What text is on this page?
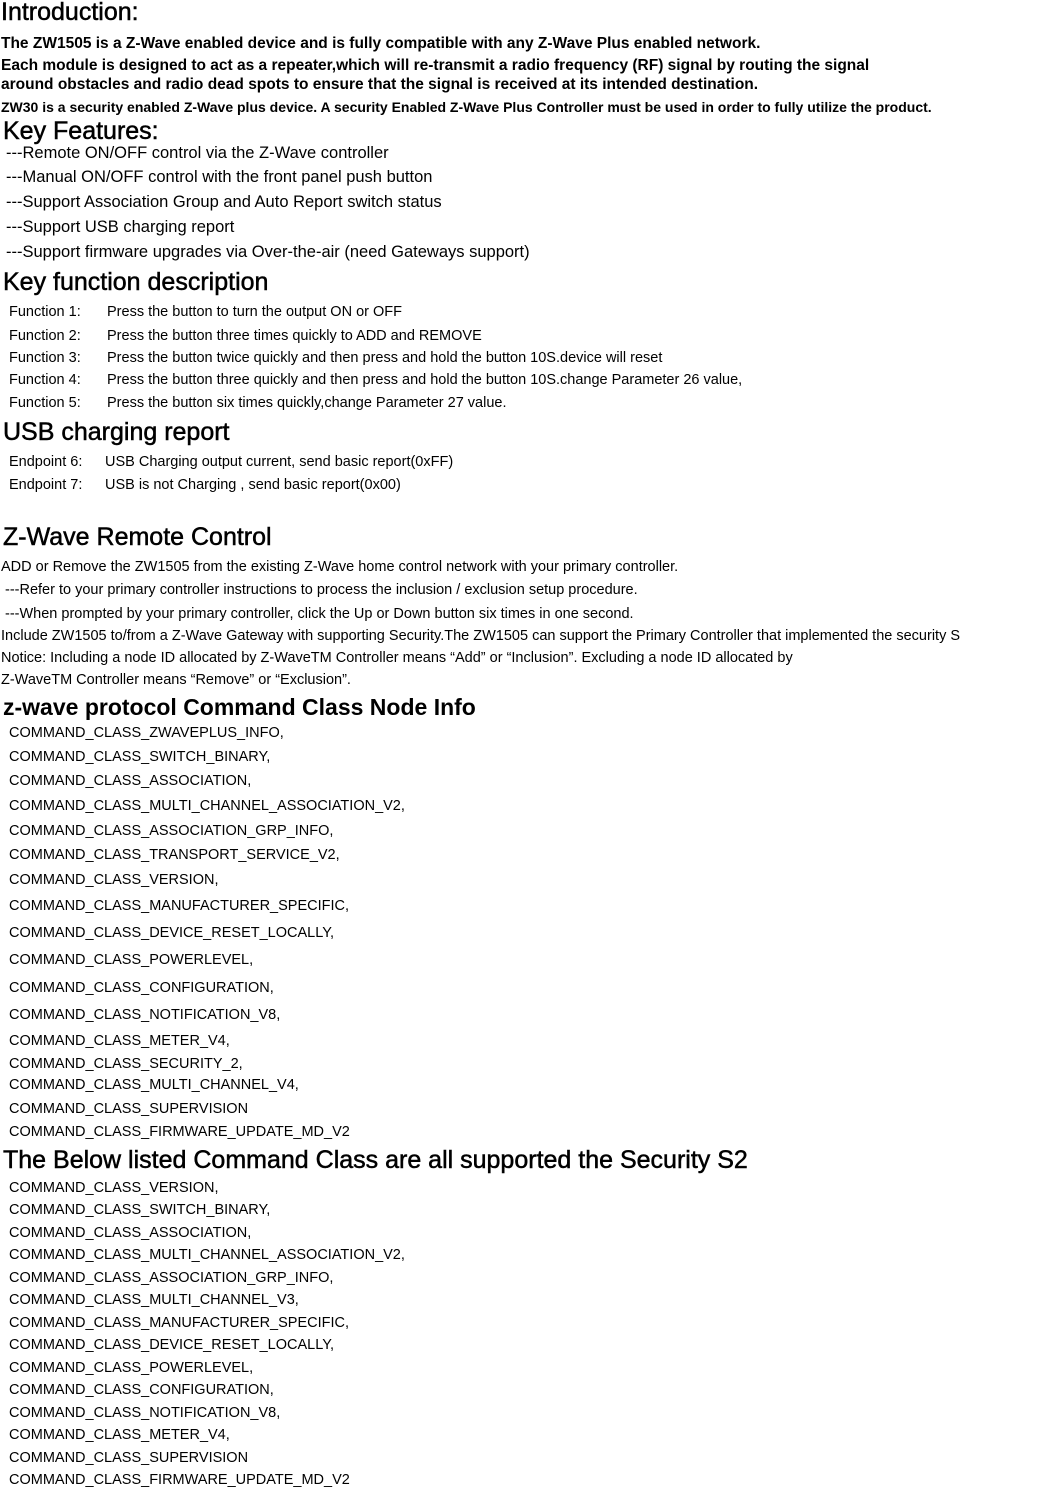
Introduction:
The ZW1505 is a Z-Wave enabled device and is fully compatible with any Z-Wave Plus enabled network.
Each module is designed to act as a repeater,which will re-transmit a radio frequency (RF) signal by routing the signal
around obstacles and radio dead spots to ensure that the signal is received at its intended destination.
ZW30 is a security enabled Z-Wave plus device. A security Enabled Z-Wave Plus Controller must be used in order to fully utilize the product.
Key Features:
---Remote ON/OFF control via the Z-Wave controller
---Manual ON/OFF control with the front panel push button
---Support Association Group and Auto Report switch status
---Support USB charging report
---Support firmware upgrades via Over-the-air (need Gateways support)
Key function description
Function 1: Press the button to turn the output ON or OFF
Function 2: Press the button three times quickly to ADD and REMOVE
Function 3: Press the button twice quickly and then press and hold the button 10S.device will reset
Function 4: Press the button three quickly and then press and hold the button 10S.change Parameter 26 value,
Function 5: Press the button six times quickly,change Parameter 27 value.
USB charging report
Endpoint 6: USB Charging output current, send basic report(0xFF)
Endpoint 7: USB is not Charging , send basic report(0x00)
Z-Wave Remote Control
ADD or Remove the ZW1505 from the existing Z-Wave home control network with your primary controller.
---Refer to your primary controller instructions to process the inclusion / exclusion setup procedure.
---When prompted by your primary controller, click the Up or Down button six times in one second.
Include ZW1505 to/from a Z-Wave Gateway with supporting Security.The ZW1505 can support the Primary Controller that implemented the security S
Notice: Including a node ID allocated by Z-WaveTM Controller means “Add” or “Inclusion”. Excluding a node ID allocated by
Z-WaveTM Controller means “Remove” or “Exclusion”.
z-wave protocol Command Class Node Info
COMMAND_CLASS_ZWAVEPLUS_INFO,
COMMAND_CLASS_SWITCH_BINARY,
COMMAND_CLASS_ASSOCIATION,
COMMAND_CLASS_MULTI_CHANNEL_ASSOCIATION_V2,
COMMAND_CLASS_ASSOCIATION_GRP_INFO,
COMMAND_CLASS_TRANSPORT_SERVICE_V2,
COMMAND_CLASS_VERSION,
COMMAND_CLASS_MANUFACTURER_SPECIFIC,
COMMAND_CLASS_DEVICE_RESET_LOCALLY,
COMMAND_CLASS_POWERLEVEL,
COMMAND_CLASS_CONFIGURATION,
COMMAND_CLASS_NOTIFICATION_V8,
COMMAND_CLASS_METER_V4,
COMMAND_CLASS_SECURITY_2,
COMMAND_CLASS_MULTI_CHANNEL_V4,
COMMAND_CLASS_SUPERVISION
COMMAND_CLASS_FIRMWARE_UPDATE_MD_V2
The Below listed Command Class are all supported the Security S2
COMMAND_CLASS_VERSION,
COMMAND_CLASS_SWITCH_BINARY,
COMMAND_CLASS_ASSOCIATION,
COMMAND_CLASS_MULTI_CHANNEL_ASSOCIATION_V2,
COMMAND_CLASS_ASSOCIATION_GRP_INFO,
COMMAND_CLASS_MULTI_CHANNEL_V3,
COMMAND_CLASS_MANUFACTURER_SPECIFIC,
COMMAND_CLASS_DEVICE_RESET_LOCALLY,
COMMAND_CLASS_POWERLEVEL,
COMMAND_CLASS_CONFIGURATION,
COMMAND_CLASS_NOTIFICATION_V8,
COMMAND_CLASS_METER_V4,
COMMAND_CLASS_SUPERVISION
COMMAND_CLASS_FIRMWARE_UPDATE_MD_V2
